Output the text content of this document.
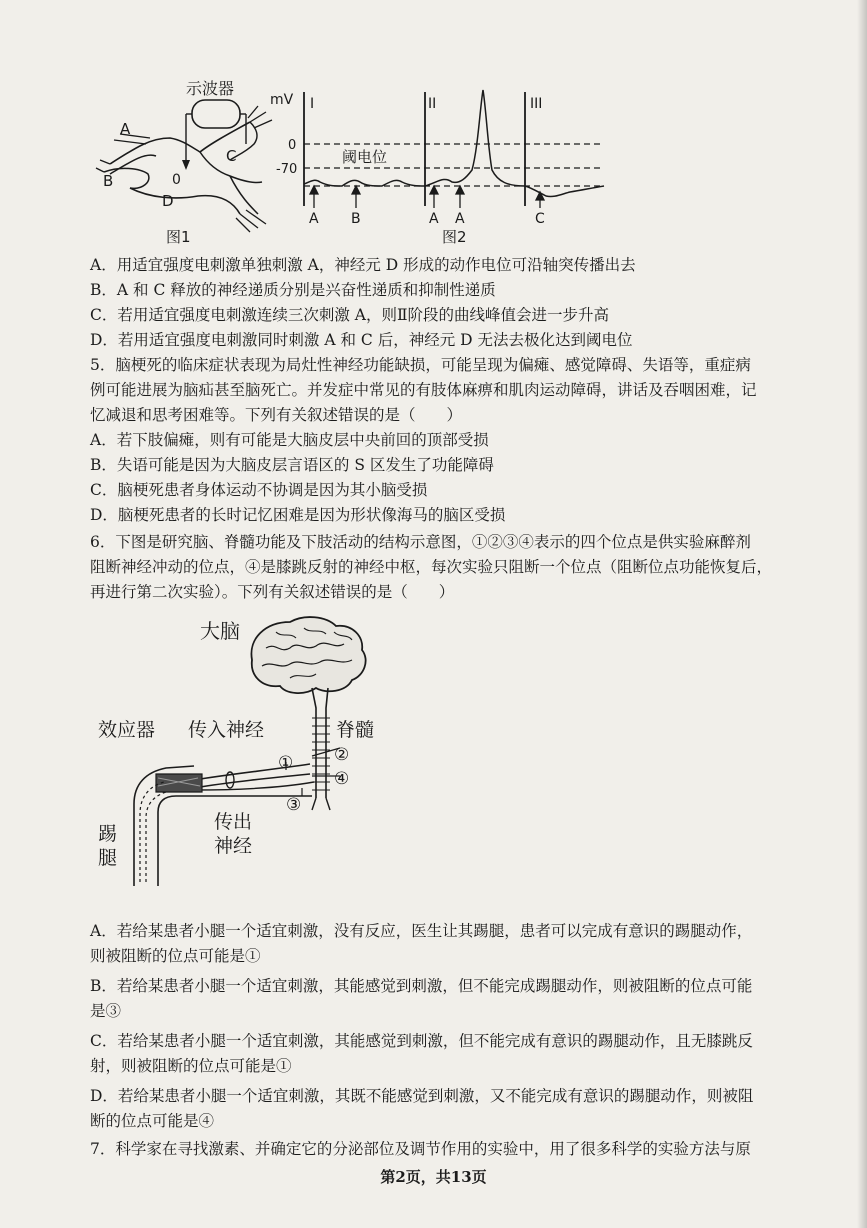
示波器
A
B
C
D
0
图1
mV I	II	III
0
-70
阈电位
A B	A A	C
图2
A．用适宜强度电刺激单独刺激 A，神经元 D 形成的动作电位可沿轴突传播出去
B．A 和 C 释放的神经递质分别是兴奋性递质和抑制性递质
C．若用适宜强度电刺激连续三次刺激 A，则Ⅱ阶段的曲线峰值会进一步升高
D．若用适宜强度电刺激同时刺激 A 和 C 后，神经元 D 无法去极化达到阈电位
5．脑梗死的临床症状表现为局灶性神经功能缺损，可能呈现为偏瘫、感觉障碍、失语等，重症病
例可能进展为脑疝甚至脑死亡。并发症中常见的有肢体麻痹和肌肉运动障碍，讲话及吞咽困难，记
忆减退和思考困难等。下列有关叙述错误的是（　　）
A．若下肢偏瘫，则有可能是大脑皮层中央前回的顶部受损
B．失语可能是因为大脑皮层言语区的 S 区发生了功能障碍
C．脑梗死患者身体运动不协调是因为其小脑受损
D．脑梗死患者的长时记忆困难是因为形状像海马的脑区受损
6．下图是研究脑、脊髓功能及下肢活动的结构示意图，①②③④表示的四个位点是供实验麻醉剂
阻断神经冲动的位点，④是膝跳反射的神经中枢，每次实验只阻断一个位点（阻断位点功能恢复后，
再进行第二次实验）。下列有关叙述错误的是（　　）
大脑
效应器 传入神经	脊髓
① ②
④
③
传出
神经
踢
腿
A．若给某患者小腿一个适宜刺激，没有反应，医生让其踢腿，患者可以完成有意识的踢腿动作，
则被阻断的位点可能是①
B．若给某患者小腿一个适宜刺激，其能感觉到刺激，但不能完成踢腿动作，则被阻断的位点可能
是③
C．若给某患者小腿一个适宜刺激，其能感觉到刺激，但不能完成有意识的踢腿动作，且无膝跳反
射，则被阻断的位点可能是①
D．若给某患者小腿一个适宜刺激，其既不能感觉到刺激，又不能完成有意识的踢腿动作，则被阻
断的位点可能是④
7．科学家在寻找激素、并确定它的分泌部位及调节作用的实验中，用了很多科学的实验方法与原
第2页，共13页
